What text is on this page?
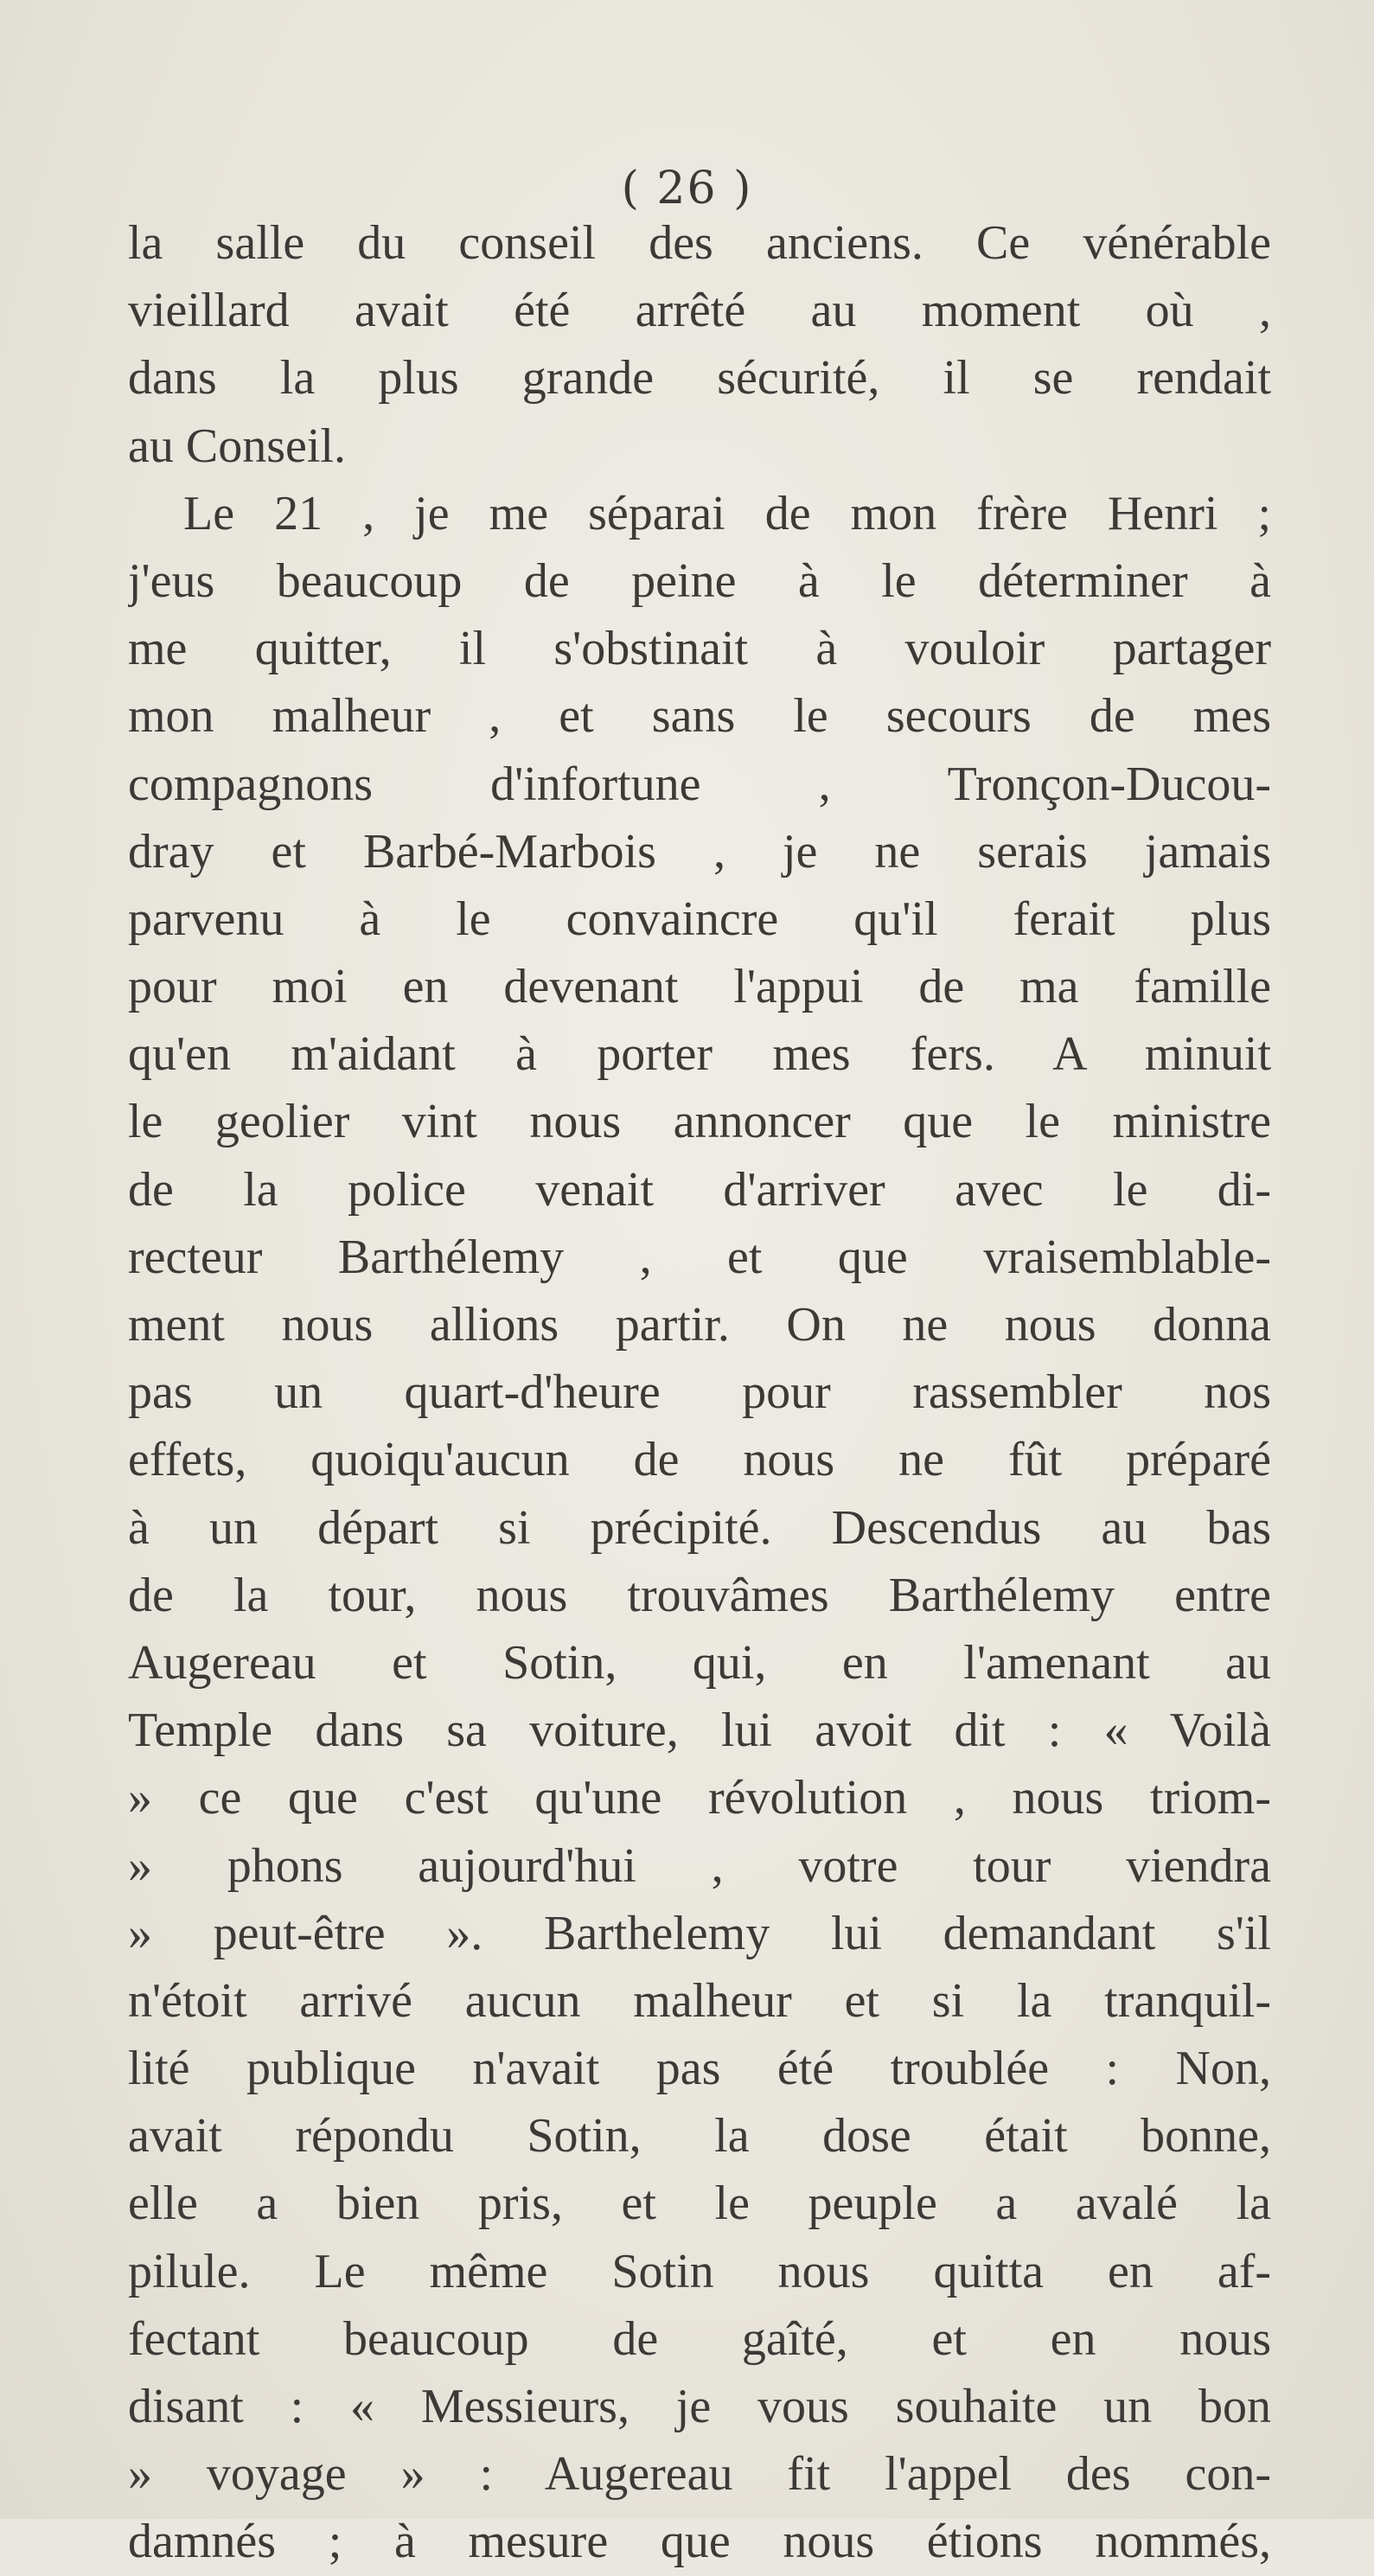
( 26 )
la salle du conseil des anciens. Ce vénérable
vieillard avait été arrêté au moment où ,
dans la plus grande sécurité, il se rendait
au Conseil.
Le 21 , je me séparai de mon frère Henri ;
j'eus beaucoup de peine à le déterminer à
me quitter, il s'obstinait à vouloir partager
mon malheur , et sans le secours de mes
compagnons d'infortune , Tronçon-Ducou-
dray et Barbé-Marbois , je ne serais jamais
parvenu à le convaincre qu'il ferait plus
pour moi en devenant l'appui de ma famille
qu'en m'aidant à porter mes fers. A minuit
le geolier vint nous annoncer que le ministre
de la police venait d'arriver avec le di-
recteur Barthélemy , et que vraisemblable-
ment nous allions partir. On ne nous donna
pas un quart-d'heure pour rassembler nos
effets, quoiqu'aucun de nous ne fût préparé
à un départ si précipité. Descendus au bas
de la tour, nous trouvâmes Barthélemy entre
Augereau et Sotin, qui, en l'amenant au
Temple dans sa voiture, lui avoit dit : « Voilà
» ce que c'est qu'une révolution , nous triom-
» phons aujourd'hui , votre tour viendra
» peut-être ». Barthelemy lui demandant s'il
n'étoit arrivé aucun malheur et si la tranquil-
lité publique n'avait pas été troublée : Non,
avait répondu Sotin, la dose était bonne,
elle a bien pris, et le peuple a avalé la
pilule. Le même Sotin nous quitta en af-
fectant beaucoup de gaîté, et en nous
disant : « Messieurs, je vous souhaite un bon
» voyage » : Augereau fit l'appel des con-
damnés ; à mesure que nous étions nommés,
